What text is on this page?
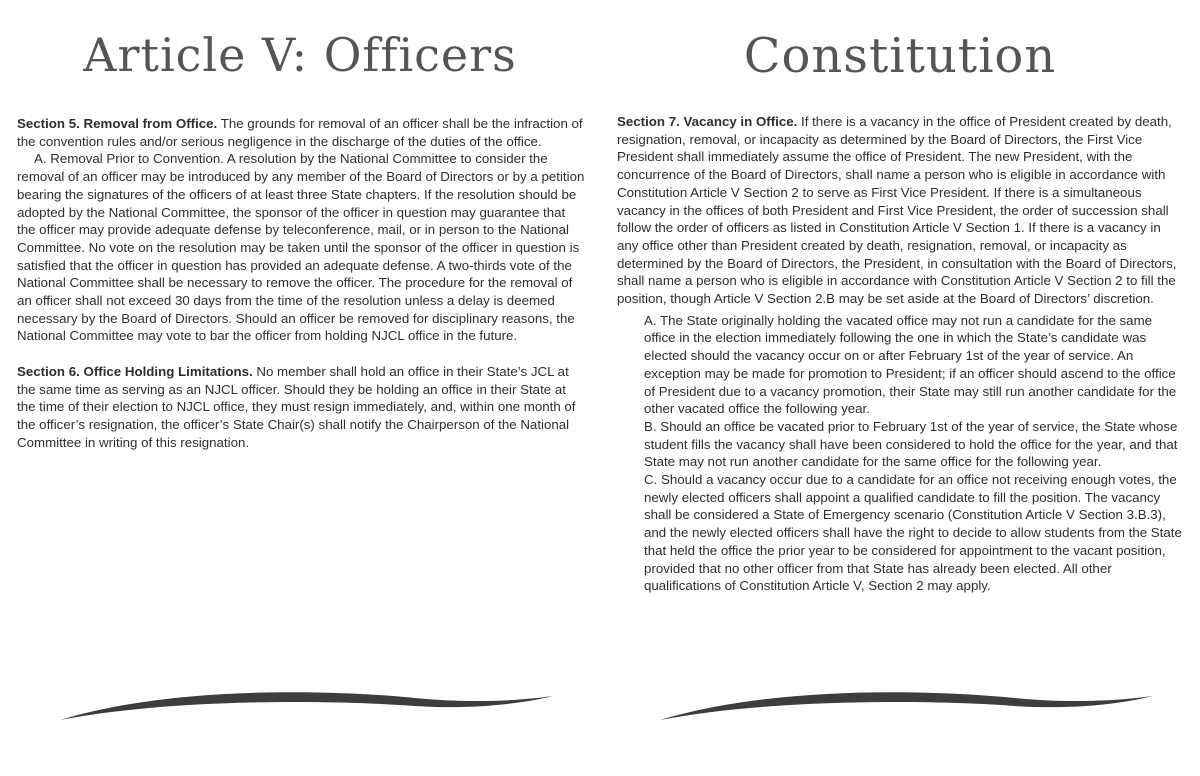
Article V: Officers

Section 5. Removal from Office. The grounds for removal of an officer shall be the infraction of the convention rules and/or serious negligence in the discharge of the duties of the office.

A. Removal Prior to Convention. A resolution by the National Committee to consider the removal of an officer may be introduced by any member of the Board of Directors or by a petition bearing the signatures of the officers of at least three State chapters. If the resolution should be adopted by the National Committee, the sponsor of the officer in question may guarantee that the officer may provide adequate defense by teleconference, mail, or in person to the National Committee. No vote on the resolution may be taken until the sponsor of the officer in question is satisfied that the officer in question has provided an adequate defense. A two-thirds vote of the National Committee shall be necessary to remove the officer. The procedure for the removal of an officer shall not exceed 30 days from the time of the resolution unless a delay is deemed necessary by the Board of Directors. Should an officer be removed for disciplinary reasons, the National Committee may vote to bar the officer from holding NJCL office in the future.

Section 6. Office Holding Limitations. No member shall hold an office in their State’s JCL at the same time as serving as an NJCL officer. Should they be holding an office in their State at the time of their election to NJCL office, they must resign immediately, and, within one month of the officer’s resignation, the officer’s State Chair(s) shall notify the Chairperson of the National Committee in writing of this resignation.

Constitution

Section 7. Vacancy in Office. If there is a vacancy in the office of President created by death, resignation, removal, or incapacity as determined by the Board of Directors, the First Vice President shall immediately assume the office of President. The new President, with the concurrence of the Board of Directors, shall name a person who is eligible in accordance with Constitution Article V Section 2 to serve as First Vice President. If there is a simultaneous vacancy in the offices of both President and First Vice President, the order of succession shall follow the order of officers as listed in Constitution Article V Section 1. If there is a vacancy in any office other than President created by death, resignation, removal, or incapacity as determined by the Board of Directors, the President, in consultation with the Board of Directors, shall name a person who is eligible in accordance with Constitution Article V Section 2 to fill the position, though Article V Section 2.B may be set aside at the Board of Directors’ discretion.

A. The State originally holding the vacated office may not run a candidate for the same office in the election immediately following the one in which the State’s candidate was elected should the vacancy occur on or after February 1st of the year of service. An exception may be made for promotion to President; if an officer should ascend to the office of President due to a vacancy promotion, their State may still run another candidate for the other vacated office the following year.

B. Should an office be vacated prior to February 1st of the year of service, the State whose student fills the vacancy shall have been considered to hold the office for the year, and that State may not run another candidate for the same office for the following year.

C. Should a vacancy occur due to a candidate for an office not receiving enough votes, the newly elected officers shall appoint a qualified candidate to fill the position. The vacancy shall be considered a State of Emergency scenario (Constitution Article V Section 3.B.3), and the newly elected officers shall have the right to decide to allow students from the State that held the office the prior year to be considered for appointment to the vacant position, provided that no other officer from that State has already been elected. All other qualifications of Constitution Article V, Section 2 may apply.
